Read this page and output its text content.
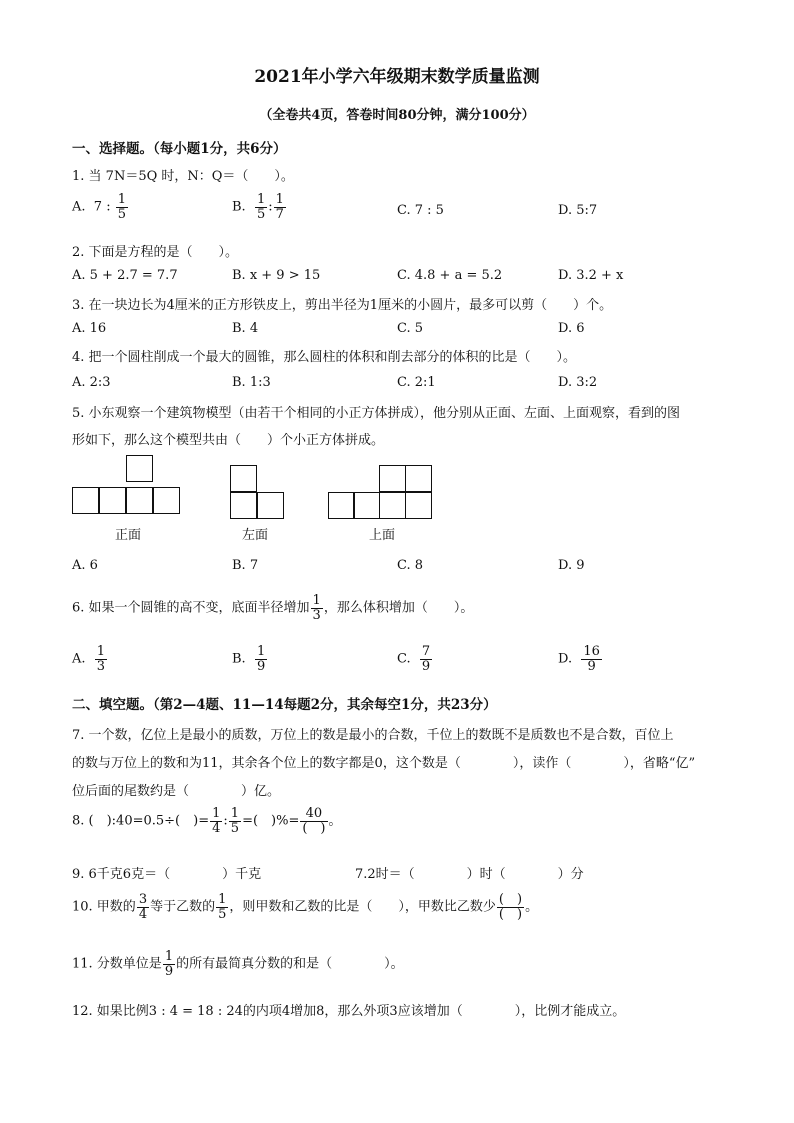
2021年小学六年级期末数学质量监测
（全卷共4页，答卷时间80分钟，满分100分）
一、选择题。（每小题1分，共6分）
1. 当 7N＝5Q 时，N：Q＝（　　）。
A. 7 : $\frac{1}{5}$	B. $\frac{1}{5}$ : $\frac{1}{7}$	C. 7 : 5	D. 5:7
2. 下面是方程的是（　　）。
A. 5 + 2.7 = 7.7	B. x + 9 > 15	C. 4.8 + a = 5.2	D. 3.2 + x
3. 在一块边长为4厘米的正方形铁皮上，剪出半径为1厘米的小圆片，最多可以剪（　　）个。
A. 16	B. 4	C. 5	D. 6
4. 把一个圆柱削成一个最大的圆锥，那么圆柱的体积和削去部分的体积的比是（　　）。
A. 2:3	B. 1:3	C. 2:1	D. 3:2
5. 小东观察一个建筑物模型（由若干个相同的小正方体拼成），他分别从正面、左面、上面观察，看到的图
形如下，那么这个模型共由（　　）个小正方体拼成。
正面	左面	上面
A. 6	B. 7	C. 8	D. 9
6. 如果一个圆锥的高不变，底面半径增加 $\frac{1}{3}$ ，那么体积增加（　　）。
A. $\frac{1}{3}$	B. $\frac{1}{9}$	C. $\frac{7}{9}$	D. $\frac{16}{9}$
二、填空题。（第2—4题、11—14每题2分，其余每空1分，共23分）
7. 一个数，亿位上是最小的质数，万位上的数是最小的合数，千位上的数既不是质数也不是合数，百位上
的数与万位上的数和为11，其余各个位上的数字都是0，这个数是（　　　　），读作（　　　　），省略“亿”
位后面的尾数约是（　　　　）亿。
8. (　):40=0.5÷(　)= $\frac{1}{4}$ : $\frac{1}{5}$ =(　)%= $\frac{40}{( )}$ 。
9. 6千克6克＝（　　　　）千克	7.2时＝（　　　　）时（　　　　）分
10. 甲数的 $\frac{3}{4}$ 等于乙数的 $\frac{1}{5}$ ，则甲数和乙数的比是（　　），甲数比乙数少 $\frac{( )}{( )}$ 。
11. 分数单位是 $\frac{1}{9}$ 的所有最简真分数的和是（　　　　）。
12. 如果比例3 : 4 = 18 : 24的内项4增加8，那么外项3应该增加（　　　　），比例才能成立。
